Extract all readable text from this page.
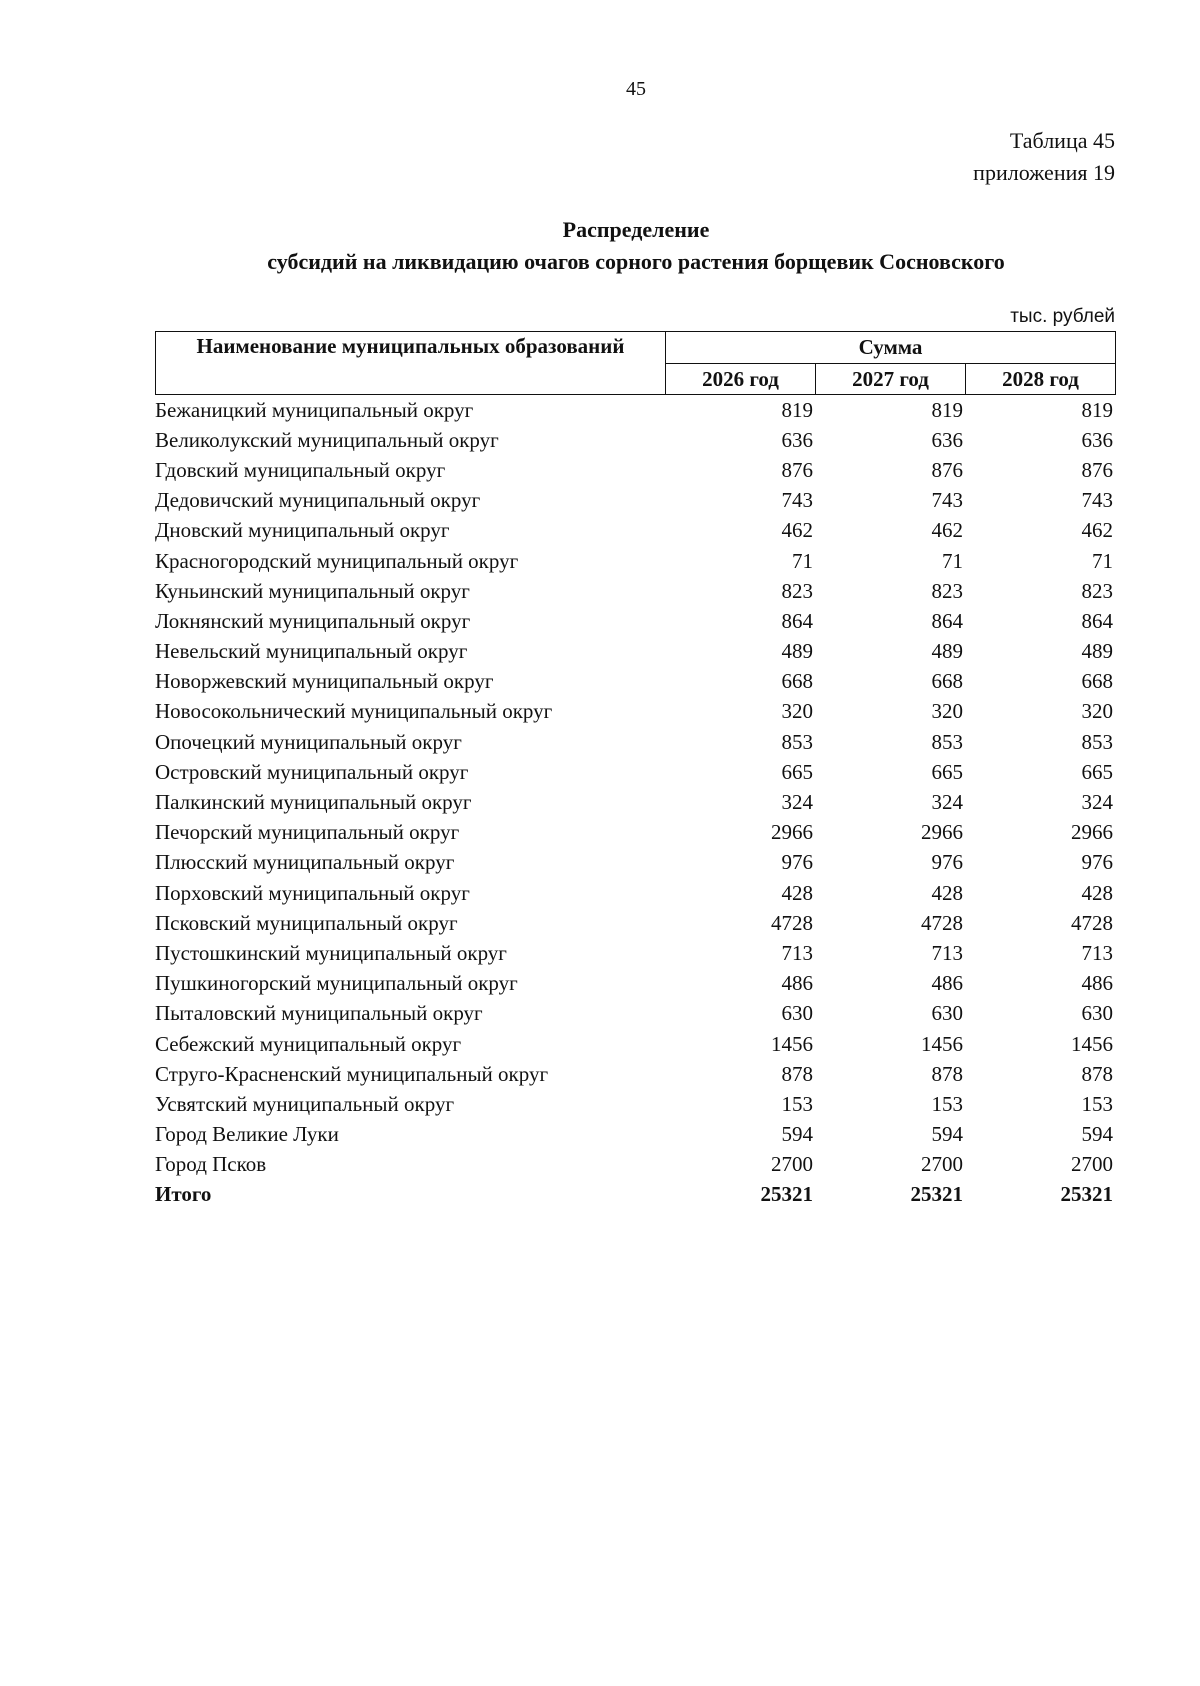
45
Таблица 45
приложения 19
Распределение
субсидий на ликвидацию очагов сорного растения борщевик Сосновского
тыс. рублей
Наименование муниципальных образований	Сумма		
	2026 год	2027 год	2028 год
Бежаницкий муниципальный округ	819	819	819
Великолукский муниципальный округ	636	636	636
Гдовский муниципальный округ	876	876	876
Дедовичский муниципальный округ	743	743	743
Дновский муниципальный округ	462	462	462
Красногородский муниципальный округ	71	71	71
Куньинский муниципальный округ	823	823	823
Локнянский муниципальный округ	864	864	864
Невельский муниципальный округ	489	489	489
Новоржевский муниципальный округ	668	668	668
Новосокольнический муниципальный округ	320	320	320
Опочецкий муниципальный округ	853	853	853
Островский муниципальный округ	665	665	665
Палкинский муниципальный округ	324	324	324
Печорский муниципальный округ	2966	2966	2966
Плюсский муниципальный округ	976	976	976
Порховский муниципальный округ	428	428	428
Псковский муниципальный округ	4728	4728	4728
Пустошкинский муниципальный округ	713	713	713
Пушкиногорский муниципальный округ	486	486	486
Пыталовский муниципальный округ	630	630	630
Себежский муниципальный округ	1456	1456	1456
Струго-Красненский муниципальный округ	878	878	878
Усвятский муниципальный округ	153	153	153
Город Великие Луки	594	594	594
Город Псков	2700	2700	2700
Итого	25321	25321	25321
